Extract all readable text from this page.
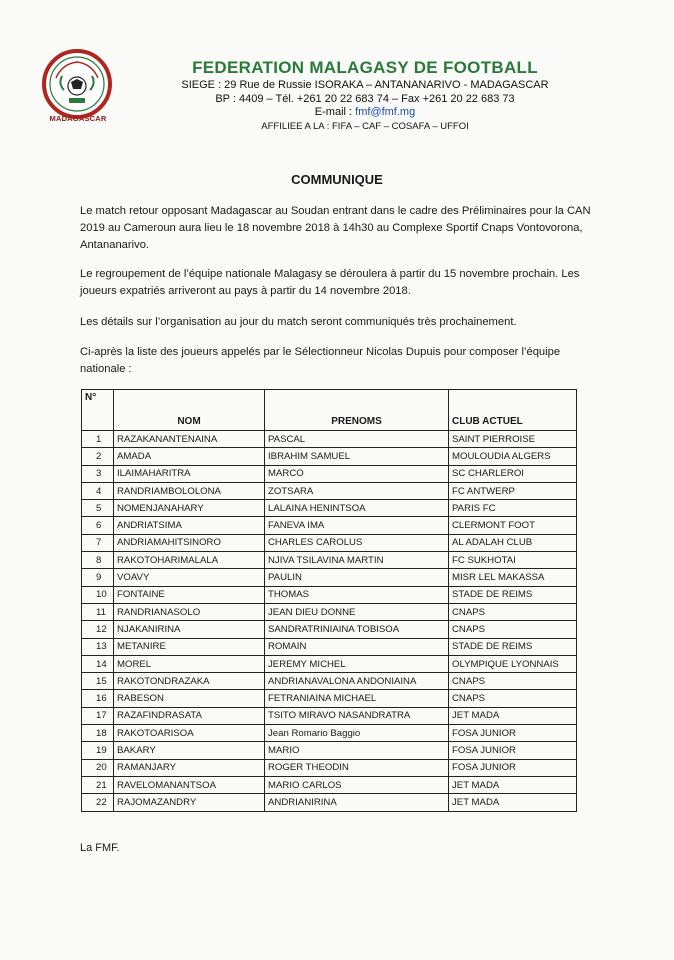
MADAGASCAR
FEDERATION MALAGASY DE FOOTBALL
SIEGE : 29 Rue de Russie ISORAKA – ANTANANARIVO - MADAGASCAR
BP : 4409 – Tél. +261 20 22 683 74 – Fax +261 20 22 683 73
E-mail : fmf@fmf.mg
AFFILIEE A LA : FIFA – CAF – COSAFA – UFFOI
COMMUNIQUE
Le match retour opposant Madagascar au Soudan entrant dans le cadre des Préliminaires pour la CAN 2019 au Cameroun aura lieu le 18 novembre 2018 à 14h30 au Complexe Sportif Cnaps Vontovorona, Antananarivo.
Le regroupement de l’équipe nationale Malagasy se déroulera à partir du 15 novembre prochain. Les joueurs expatriés arriveront au pays à partir du 14 novembre 2018.
Les détails sur l’organisation au jour du match seront communiqués très prochainement.
Ci-après la liste des joueurs appelés par le Sélectionneur Nicolas Dupuis pour composer l’équipe nationale :
N°	NOM	PRENOMS	CLUB ACTUEL
1	RAZAKANANTENAINA	PASCAL	SAINT PIERROISE
2	AMADA	IBRAHIM SAMUEL	MOULOUDIA ALGERS
3	ILAIMAHARITRA	MARCO	SC CHARLEROI
4	RANDRIAMBOLOLONA	ZOTSARA	FC ANTWERP
5	NOMENJANAHARY	LALAINA HENINTSOA	PARIS FC
6	ANDRIATSIMA	FANEVA IMA	CLERMONT FOOT
7	ANDRIAMAHITSINORO	CHARLES CAROLUS	AL ADALAH CLUB
8	RAKOTOHARIMALALA	NJIVA TSILAVINA MARTIN	FC SUKHOTAI
9	VOAVY	PAULIN	MISR LEL MAKASSA
10	FONTAINE	THOMAS	STADE DE REIMS
11	RANDRIANASOLO	JEAN DIEU DONNE	CNAPS
12	NJAKANIRINA	SANDRATRINIAINA TOBISOA	CNAPS
13	METANIRE	ROMAIN	STADE DE REIMS
14	MOREL	JEREMY MICHEL	OLYMPIQUE LYONNAIS
15	RAKOTONDRAZAKA	ANDRIANAVALONA ANDONIAINA	CNAPS
16	RABESON	FETRANIAINA MICHAEL	CNAPS
17	RAZAFINDRASATA	TSITO MIRAVO NASANDRATRA	JET MADA
18	RAKOTOARISOA	Jean Romario Baggio	FOSA JUNIOR
19	BAKARY	MARIO	FOSA JUNIOR
20	RAMANJARY	ROGER THEODIN	FOSA JUNIOR
21	RAVELOMANANTSOA	MARIO CARLOS	JET MADA
22	RAJOMAZANDRY	ANDRIANIRINA	JET MADA
La FMF.
